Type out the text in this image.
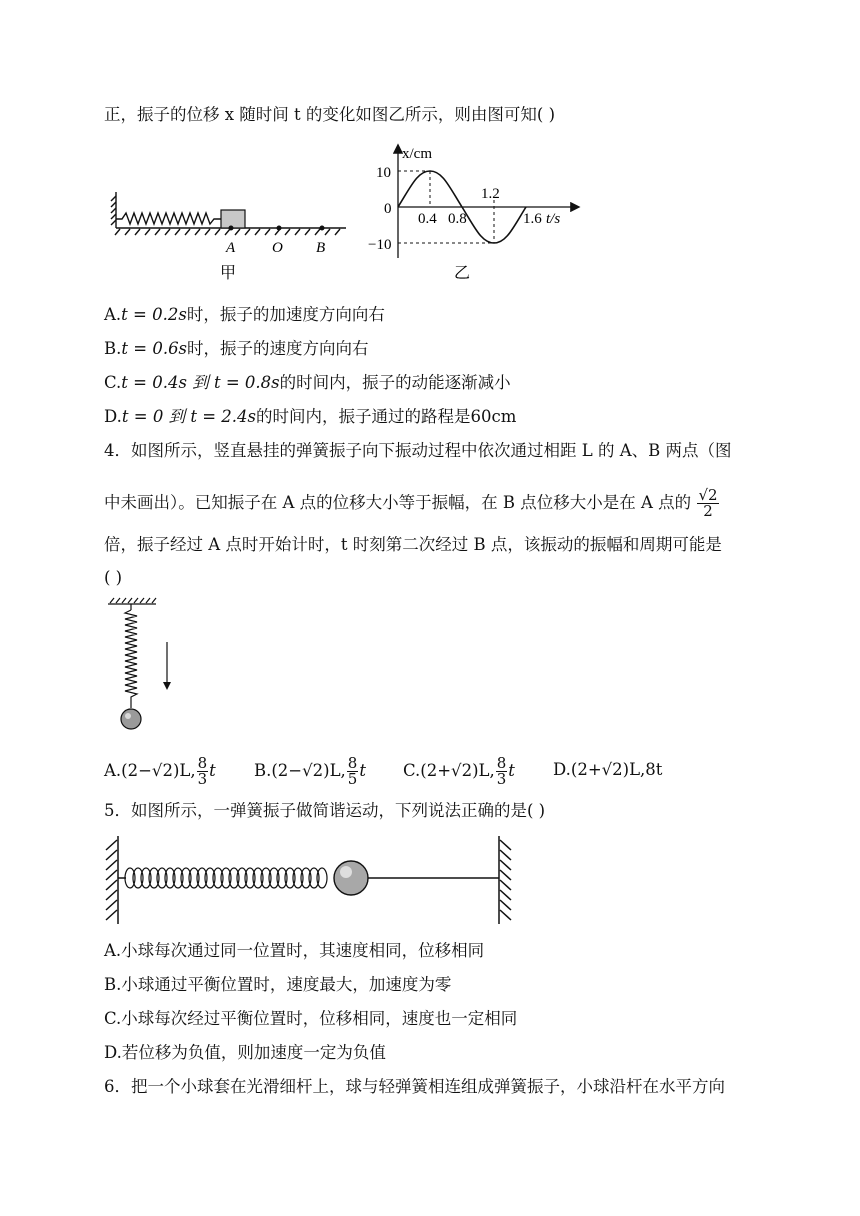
正，振子的位移 x 随时间 t 的变化如图乙所示，则由图可知( )
A O B
甲
x/cm
10
0
−10
0.4 0.8
1.2
1.6 t/s
乙
A.t = 0.2s时，振子的加速度方向向右
B.t = 0.6s时，振子的速度方向向右
C.t = 0.4s 到 t = 0.8s的时间内，振子的动能逐渐减小
D.t = 0 到 t = 2.4s的时间内，振子通过的路程是60cm
4．如图所示，竖直悬挂的弹簧振子向下振动过程中依次通过相距 L 的 A、B 两点（图
中未画出）。已知振子在 A 点的位移大小等于振幅，在 B 点位移大小是在 A 点的 $\frac{√2}{2}$
倍，振子经过 A 点时开始计时，t 时刻第二次经过 B 点，该振动的振幅和周期可能是
( )
A.(2−√2)L, $\frac{8}{3}$ t B.(2−√2)L, $\frac{8}{5}$ t C.(2+√2)L, $\frac{8}{3}$ t D.(2+√2)L,8t
5．如图所示，一弹簧振子做简谐运动，下列说法正确的是( )
A.小球每次通过同一位置时，其速度相同，位移相同
B.小球通过平衡位置时，速度最大，加速度为零
C.小球每次经过平衡位置时，位移相同，速度也一定相同
D.若位移为负值，则加速度一定为负值
6．把一个小球套在光滑细杆上，球与轻弹簧相连组成弹簧振子，小球沿杆在水平方向
